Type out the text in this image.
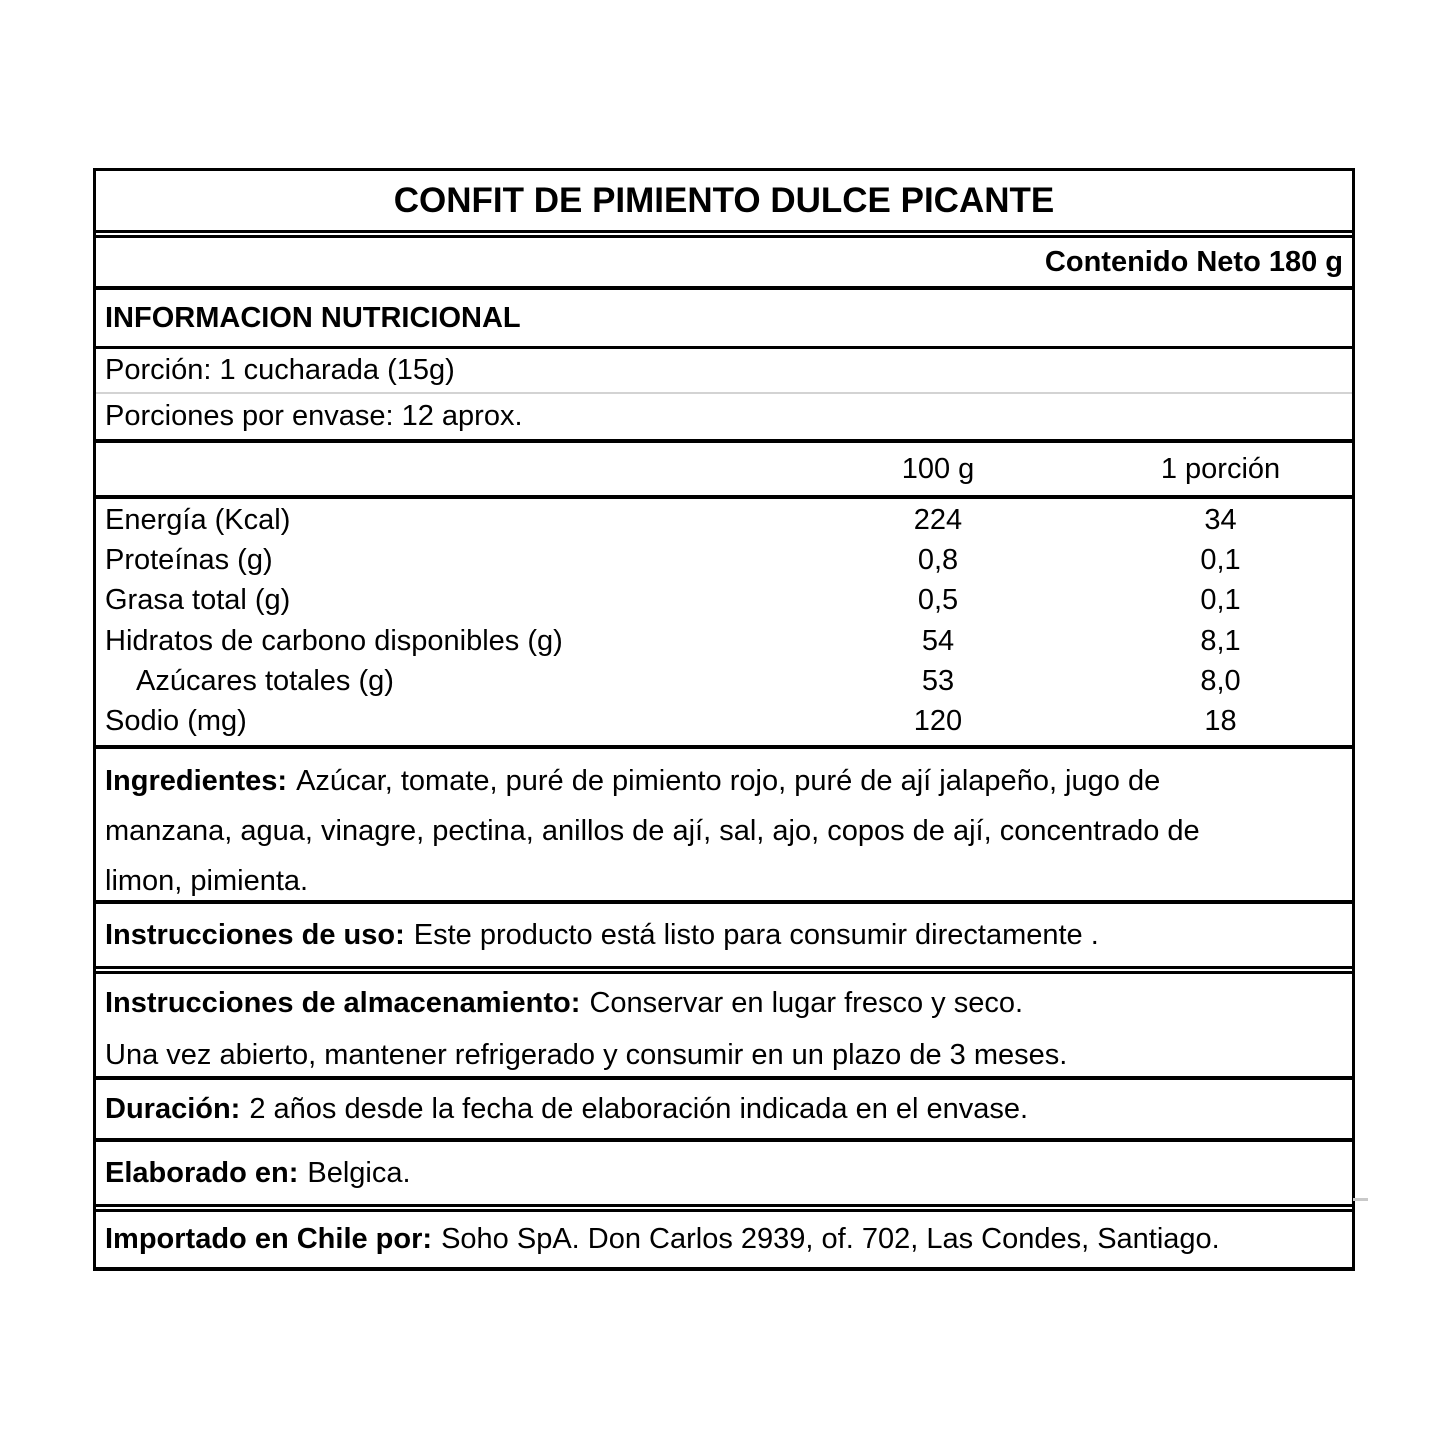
CONFIT DE PIMIENTO DULCE PICANTE
Contenido Neto 180 g
INFORMACION NUTRICIONAL
Porción: 1 cucharada (15g)
Porciones por envase: 12 aprox.
100 g	1 porción
Energía (Kcal)	224	34
Proteínas (g)	0,8	0,1
Grasa total (g)	0,5	0,1
Hidratos de carbono disponibles (g)	54	8,1
Azúcares totales (g)	53	8,0
Sodio (mg)	120	18
Ingredientes: Azúcar, tomate, puré de pimiento rojo, puré de ají jalapeño, jugo de
manzana, agua, vinagre, pectina, anillos de ají, sal, ajo, copos de ají, concentrado de
limon, pimienta.
Instrucciones de uso: Este producto está listo para consumir directamente .
Instrucciones de almacenamiento: Conservar en lugar fresco y seco.
Una vez abierto, mantener refrigerado y consumir en un plazo de 3 meses.
Duración: 2 años desde la fecha de elaboración indicada en el envase.
Elaborado en: Belgica.
Importado en Chile por: Soho SpA. Don Carlos 2939, of. 702, Las Condes, Santiago.
